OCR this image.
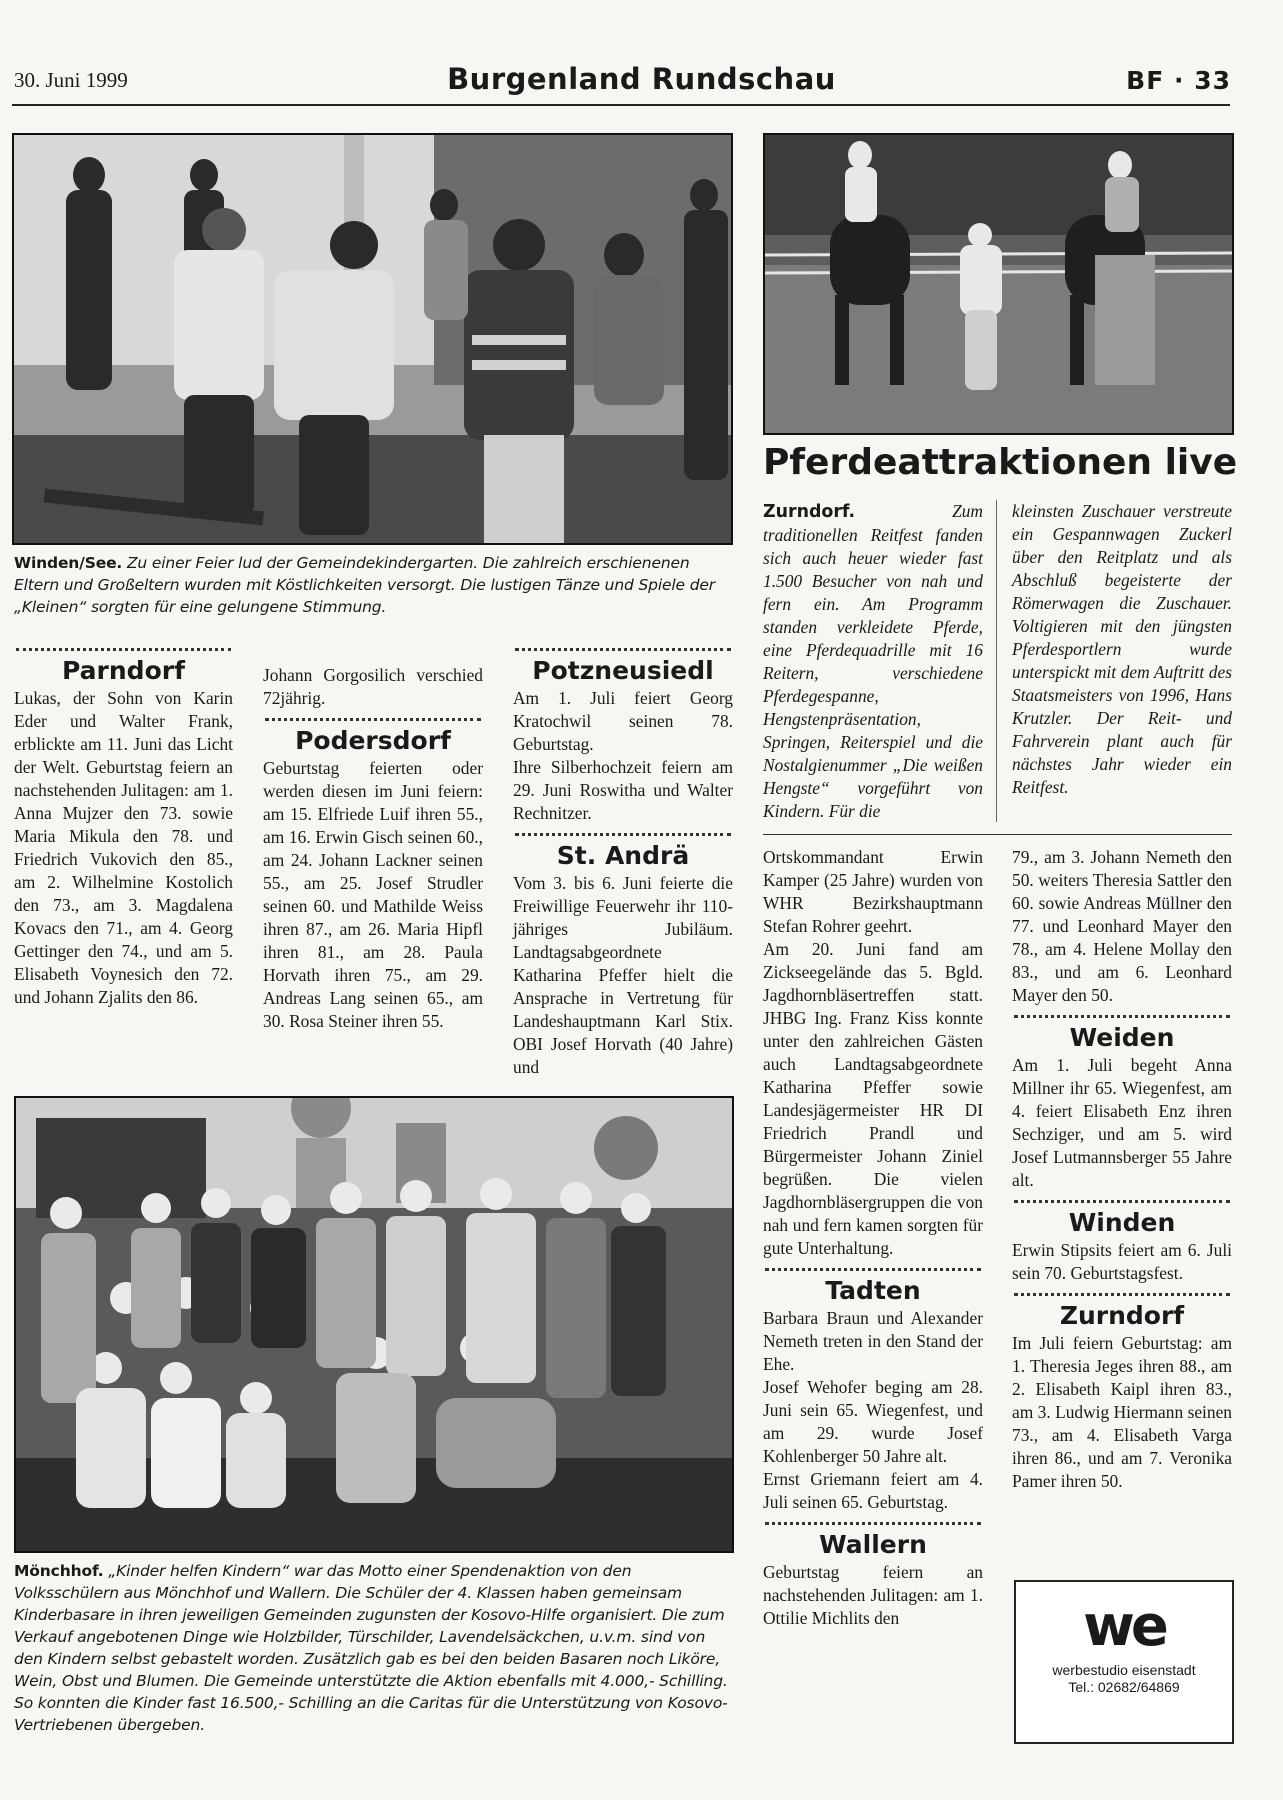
30. Juni 1999	Burgenland Rundschau	BF · 33
Winden/See. Zu einer Feier lud der Gemeindekindergarten. Die zahlreich erschienenen Eltern und Großeltern wurden mit Köstlichkeiten versorgt. Die lustigen Tänze und Spiele der „Kleinen“ sorgten für eine gelungene Stimmung.
Pferdeattraktionen live

Zurndorf.	Zum traditionellen Reitfest fanden sich auch heuer wieder fast 1.500 Besucher von nah und fern ein. Am Programm standen verkleidete Pferde, eine Pferdequadrille mit 16 Reitern, verschiedene Pferdegespanne, Hengstenpräsentation, Springen, Reiterspiel und die Nostalgienummer „Die weißen Hengste“ vorgeführt von Kindern. Für die

kleinsten Zuschauer verstreute ein Gespannwagen Zuckerl über den Reitplatz und als Abschluß begeisterte der Römerwagen die Zuschauer. Voltigieren mit den jüngsten Pferdesportlern wurde unterspickt mit dem Auftritt des Staatsmeisters von 1996, Hans Krutzler. Der Reit- und Fahrverein plant auch für nächstes Jahr wieder ein Reitfest.

Parndorf

Lukas, der Sohn von Karin Eder und Walter Frank, erblickte am 11. Juni das Licht der Welt. Geburtstag feiern an nachstehenden Julitagen: am 1. Anna Mujzer den 73. sowie Maria Mikula den 78. und Friedrich Vukovich den 85., am 2. Wilhelmine Kostolich den 73., am 3. Magdalena Kovacs den 71., am 4. Georg Gettinger den 74., und am 5. Elisabeth Voynesich den 72. und Johann Zjalits den 86.

Johann Gorgosilich verschied 72jährig.

Podersdorf

Geburtstag feierten oder werden diesen im Juni feiern: am 15. Elfriede Luif ihren 55., am 16. Erwin Gisch seinen 60., am 24. Johann Lackner seinen 55., am 25. Josef Strudler seinen 60. und Mathilde Weiss ihren 87., am 26. Maria Hipfl ihren 81., am 28. Paula Horvath ihren 75., am 29. Andreas Lang seinen 65., am 30. Rosa Steiner ihren 55.

Potzneusiedl

Am 1. Juli feiert Georg Kratochwil seinen 78. Geburtstag.

Ihre Silberhochzeit feiern am 29. Juni Roswitha und Walter Rechnitzer.

St. Andrä

Vom 3. bis 6. Juni feierte die Freiwillige Feuerwehr ihr 110-jähriges Jubiläum. Landtagsabgeordnete Katharina Pfeffer hielt die Ansprache in Vertretung für Landeshauptmann Karl Stix. OBI Josef Horvath (40 Jahre) und

Mönchhof. „Kinder helfen Kindern“ war das Motto einer Spendenaktion von den Volksschülern aus Mönchhof und Wallern. Die Schüler der 4. Klassen haben gemeinsam Kinderbasare in ihren jeweiligen Gemeinden zugunsten der Kosovo-Hilfe organisiert. Die zum Verkauf angebotenen Dinge wie Holzbilder, Türschilder, Lavendelsäckchen, u.v.m. sind von den Kindern selbst gebastelt worden. Zusätzlich gab es bei den beiden Basaren noch Liköre, Wein, Obst und Blumen. Die Gemeinde unterstützte die Aktion ebenfalls mit 4.000,- Schilling. So konnten die Kinder fast 16.500,- Schilling an die Caritas für die Unterstützung von Kosovo-Vertriebenen übergeben.

Ortskommandant Erwin Kamper (25 Jahre) wurden von WHR Bezirkshauptmann Stefan Rohrer geehrt.

Am 20. Juni fand am Zickseegelände das 5. Bgld. Jagdhornbläsertreffen statt. JHBG Ing. Franz Kiss konnte unter den zahlreichen Gästen auch Landtagsabgeordnete Katharina Pfeffer sowie Landesjägermeister HR DI Friedrich Prandl und Bürgermeister Johann Ziniel begrüßen. Die vielen Jagdhornbläsergruppen die von nah und fern kamen sorgten für gute Unterhaltung.

Tadten

Barbara Braun und Alexander Nemeth treten in den Stand der Ehe.

Josef Wehofer beging am 28. Juni sein 65. Wiegenfest, und am 29. wurde Josef Kohlenberger 50 Jahre alt.

Ernst Griemann feiert am 4. Juli seinen 65. Geburtstag.

Wallern

Geburtstag feiern an nachstehenden Julitagen: am 1. Ottilie Michlits den

79., am 3. Johann Nemeth den 50. weiters Theresia Sattler den 60. sowie Andreas Müllner den 77. und Leonhard Mayer den 78., am 4. Helene Mollay den 83., und am 6. Leonhard Mayer den 50.

Weiden

Am 1. Juli begeht Anna Millner ihr 65. Wiegenfest, am 4. feiert Elisabeth Enz ihren Sechziger, und am 5. wird Josef Lutmannsberger 55 Jahre alt.

Winden

Erwin Stipsits feiert am 6. Juli sein 70. Geburtstagsfest.

Zurndorf

Im Juli feiern Geburtstag: am 1. Theresia Jeges ihren 88., am 2. Elisabeth Kaipl ihren 83., am 3. Ludwig Hiermann seinen 73., am 4. Elisabeth Varga ihren 86., und am 7. Veronika Pamer ihren 50.

we
werbestudio eisenstadt
Tel.: 02682/64869
